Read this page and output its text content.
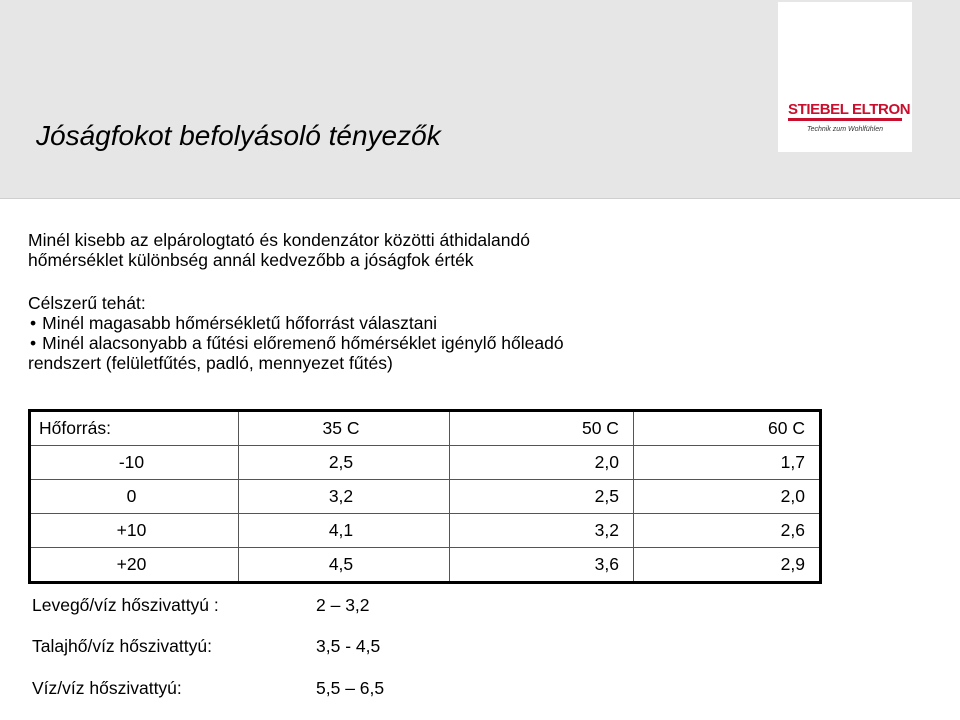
Jóságfokot befolyásoló tényezők
STIEBEL ELTRON
Technik zum Wohlfühlen
Minél kisebb az elpárologtató és kondenzátor közötti áthidalandó
hőmérséklet különbség annál kedvezőbb a jóságfok érték
Célszerű tehát:
• Minél magasabb hőmérsékletű hőforrást választani
• Minél alacsonyabb a fűtési előremenő hőmérséklet igénylő hőleadó
rendszert (felületfűtés, padló, mennyezet fűtés)
Hőforrás:	35 C	50 C	60 C
-10	2,5	2,0	1,7
0	3,2	2,5	2,0
+10	4,1	3,2	2,6
+20	4,5	3,6	2,9
Levegő/víz hőszivattyú :	2 – 3,2
Talajhő/víz hőszivattyú:	3,5 - 4,5
Víz/víz hőszivattyú:	5,5 – 6,5
